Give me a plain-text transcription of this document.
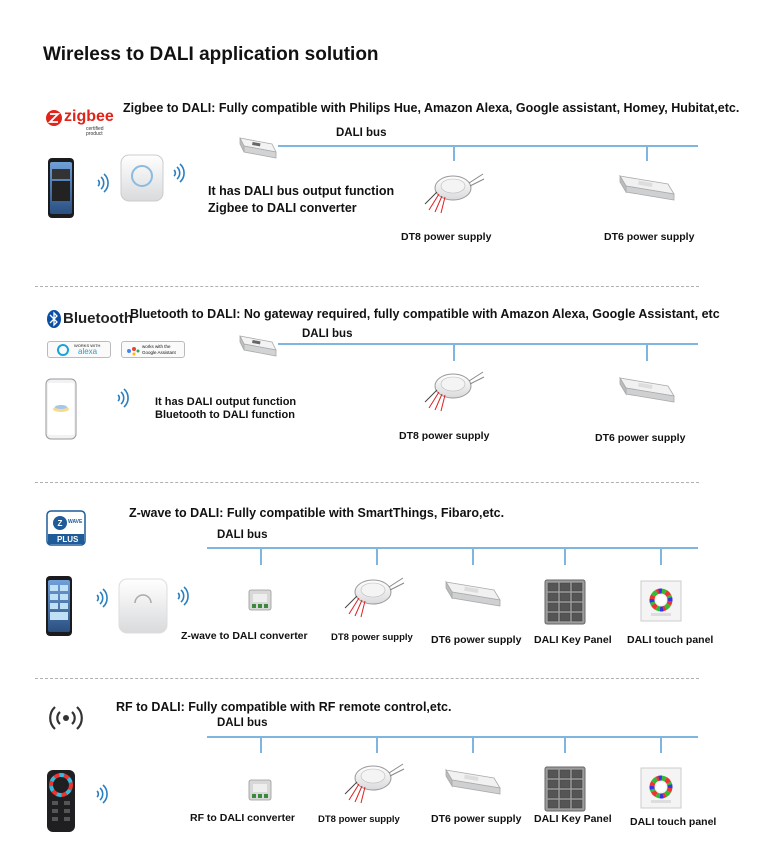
Wireless to DALI application solution
zigbee
certified
product
Zigbee to DALI: Fully compatible with Philips Hue, Amazon Alexa, Google assistant, Homey, Hubitat,etc.
DALI bus
It has DALI bus output function
Zigbee to DALI converter
DT8 power supply	DT6 power supply
Bluetooth
WORKS WITH
alexa
works with the
Google Assistant
Bluetooth to DALI: No gateway required, fully compatible with Amazon Alexa, Google Assistant, etc
DALI bus
It has DALI output function
Bluetooth to DALI function
DT8 power supply	DT6 power supply
Z WAVE
PLUS
Z-wave to DALI: Fully compatible with SmartThings, Fibaro,etc.
DALI bus
Z-wave to DALI converter DT8 power supply DT6 power supply DALI Key Panel DALI touch panel
RF to DALI: Fully compatible with RF remote control,etc.
DALI bus
RF to DALI converter DT8 power supply	DT6 power supply DALI Key Panel DALI touch panel
